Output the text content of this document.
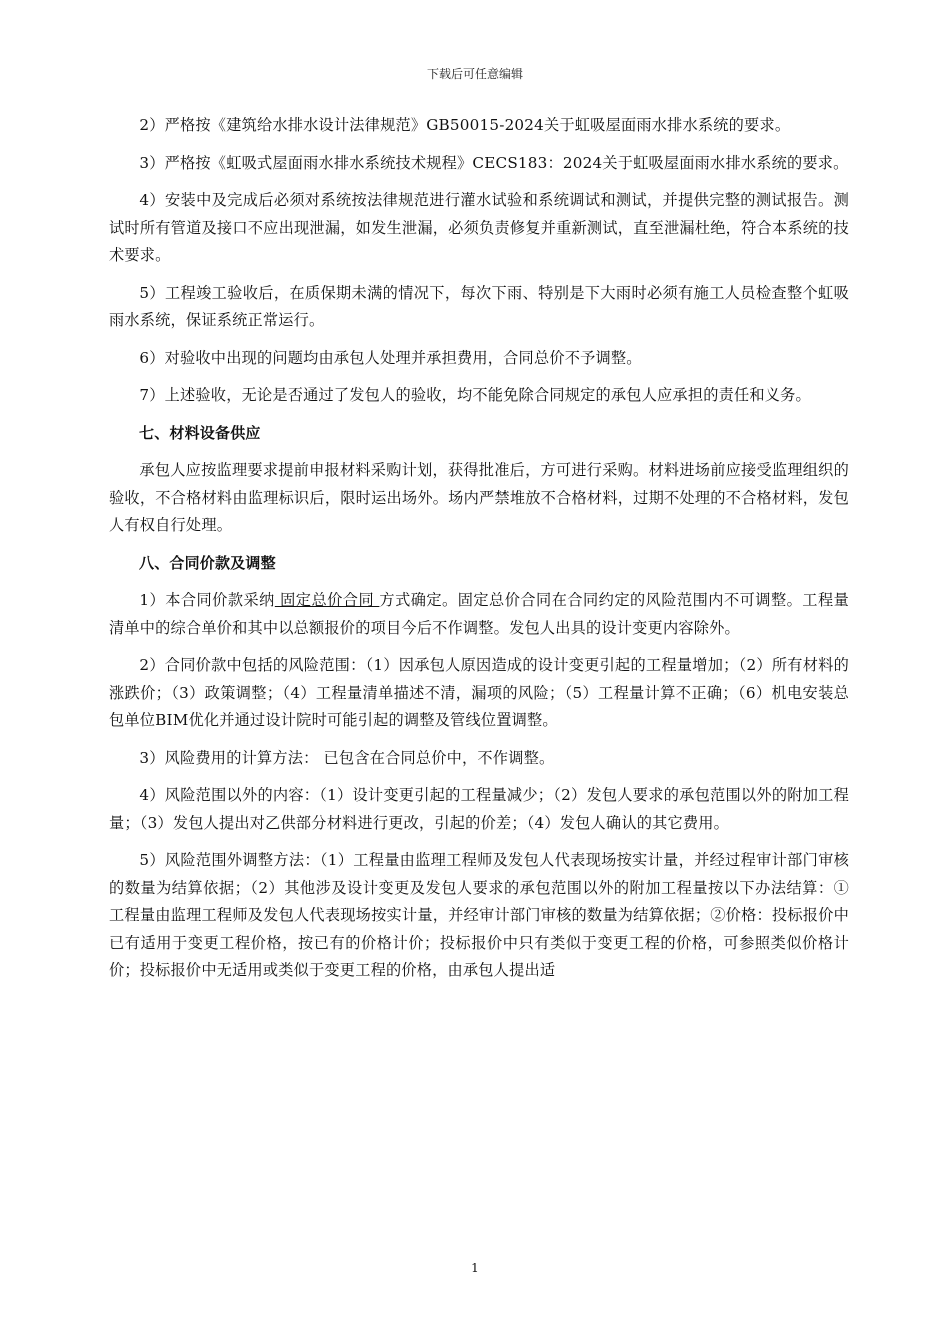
下载后可任意编辑

2）严格按《建筑给水排水设计法律规范》GB50015-2024关于虹吸屋面雨水排水系统的要求。

3）严格按《虹吸式屋面雨水排水系统技术规程》CECS183：2024关于虹吸屋面雨水排水系统的要求。

4）安装中及完成后必须对系统按法律规范进行灌水试验和系统调试和测试，并提供完整的测试报告。测试时所有管道及接口不应出现泄漏，如发生泄漏，必须负责修复并重新测试，直至泄漏杜绝，符合本系统的技术要求。

5）工程竣工验收后，在质保期未满的情况下，每次下雨、特别是下大雨时必须有施工人员检查整个虹吸雨水系统，保证系统正常运行。

6）对验收中出现的问题均由承包人处理并承担费用，合同总价不予调整。

7）上述验收，无论是否通过了发包人的验收，均不能免除合同规定的承包人应承担的责任和义务。

七、材料设备供应

承包人应按监理要求提前申报材料采购计划，获得批准后，方可进行采购。材料进场前应接受监理组织的验收，不合格材料由监理标识后，限时运出场外。场内严禁堆放不合格材料，过期不处理的不合格材料，发包人有权自行处理。

八、合同价款及调整

1）本合同价款采纳 固定总价合同 方式确定。固定总价合同在合同约定的风险范围内不可调整。工程量清单中的综合单价和其中以总额报价的项目今后不作调整。发包人出具的设计变更内容除外。

2）合同价款中包括的风险范围：（1）因承包人原因造成的设计变更引起的工程量增加；（2）所有材料的涨跌价；（3）政策调整；（4）工程量清单描述不清，漏项的风险；（5）工程量计算不正确；（6）机电安装总包单位BIM优化并通过设计院时可能引起的调整及管线位置调整。

3）风险费用的计算方法： 已包含在合同总价中，不作调整。

4）风险范围以外的内容：（1）设计变更引起的工程量减少；（2）发包人要求的承包范围以外的附加工程量；（3）发包人提出对乙供部分材料进行更改，引起的价差；（4）发包人确认的其它费用。

5）风险范围外调整方法：（1）工程量由监理工程师及发包人代表现场按实计量，并经过程审计部门审核的数量为结算依据；（2）其他涉及设计变更及发包人要求的承包范围以外的附加工程量按以下办法结算：①工程量由监理工程师及发包人代表现场按实计量，并经审计部门审核的数量为结算依据；②价格：投标报价中已有适用于变更工程价格，按已有的价格计价；投标报价中只有类似于变更工程的价格，可参照类似价格计价；投标报价中无适用或类似于变更工程的价格，由承包人提出适

1
